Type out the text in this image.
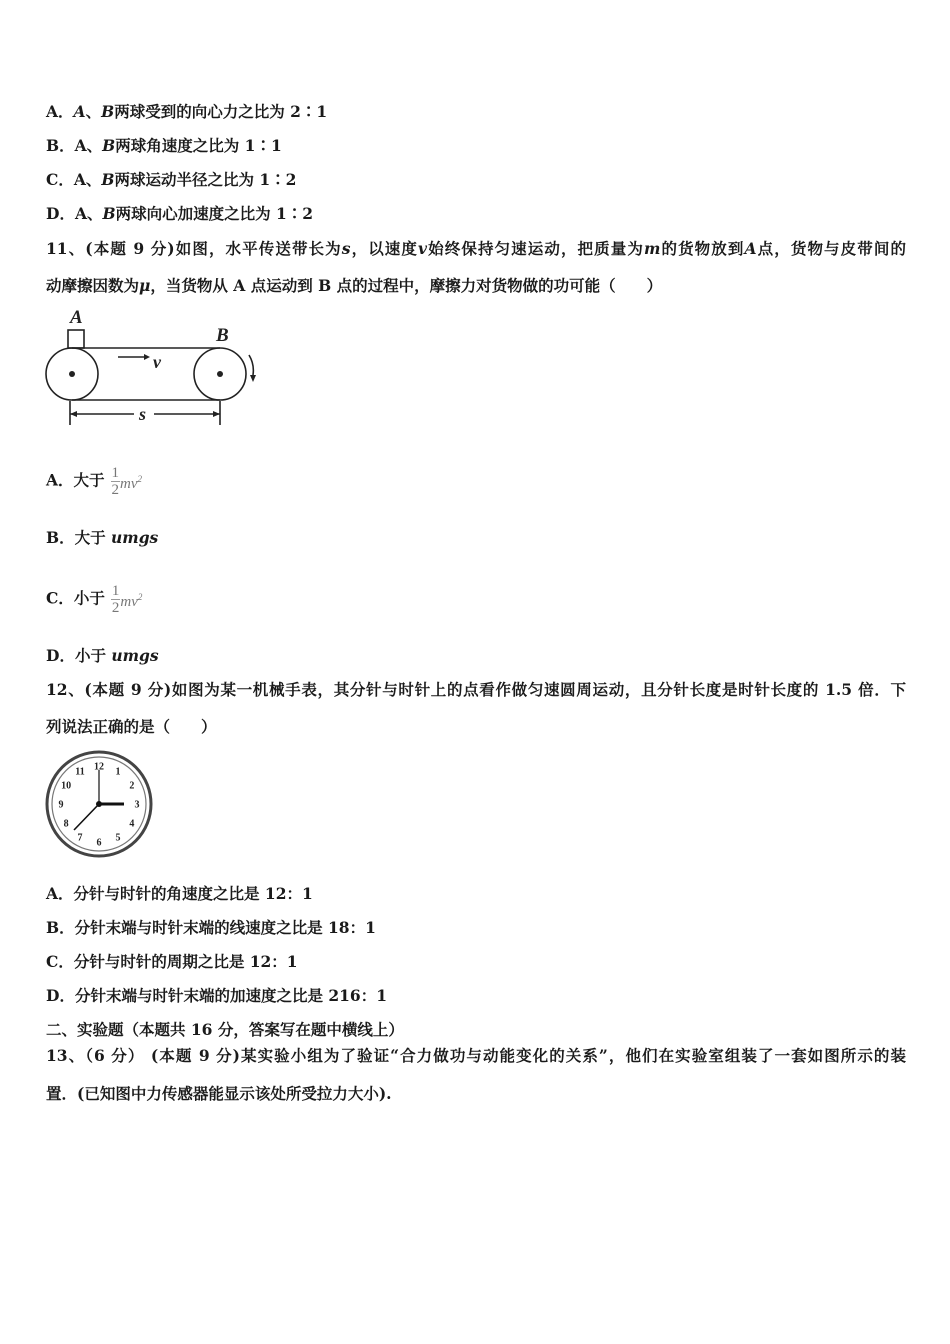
A．A、B两球受到的向心力之比为 2∶1
B．A、B两球角速度之比为 1∶1
C．A、B两球运动半径之比为 1∶2
D．A、B两球向心加速度之比为 1∶2
11、(本题 9 分)如图，水平传送带长为s，以速度v始终保持匀速运动，把质量为m的货物放到A点，货物与皮带间的
动摩擦因数为μ，当货物从 A 点运动到 B 点的过程中，摩擦力对货物做的功可能（　　）
A
B
v
s
A．大于 $\frac{1}{2} mv^2$
B．大于 umgs
C．小于 $\frac{1}{2} mv^2$
D．小于 umgs
12、(本题 9 分)如图为某一机械手表，其分针与时针上的点看作做匀速圆周运动，且分针长度是时针长度的 1.5 倍．下
列说法正确的是（　　）
12 1
2
3
4
5
6
7
8
9
10
11
A．分针与时针的角速度之比是 12：1
B．分针末端与时针末端的线速度之比是 18：1
C．分针与时针的周期之比是 12：1
D．分针末端与时针末端的加速度之比是 216：1
二、实验题（本题共 16 分，答案写在题中横线上）
13、（6 分） (本题 9 分)某实验小组为了验证“合力做功与动能变化的关系”，他们在实验室组装了一套如图所示的装
置．(已知图中力传感器能显示该处所受拉力大小).
